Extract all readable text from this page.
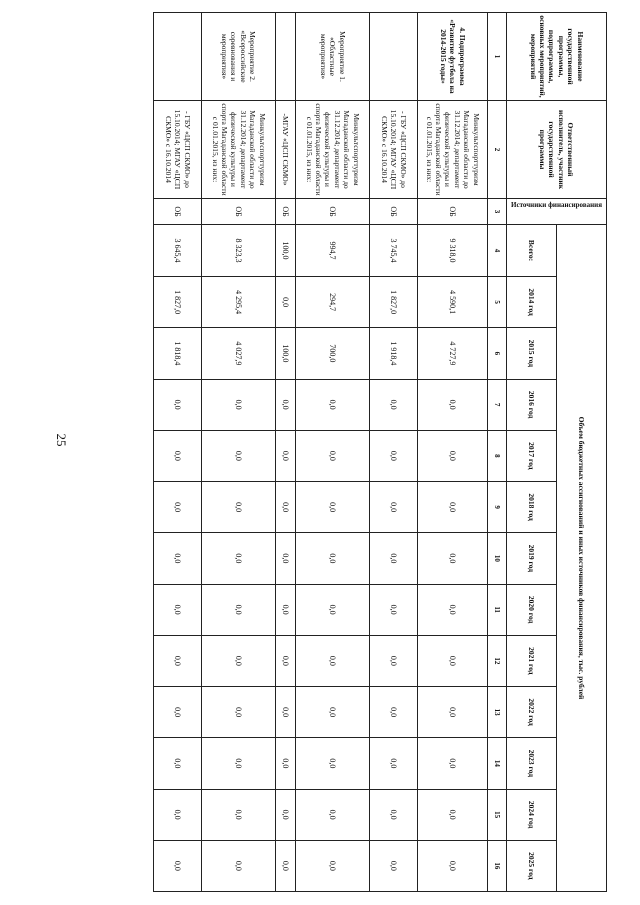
25
Наименование государственной программы, подпрограммы, основных мероприятий, мероприятий	Ответственный исполнитель, участник государственной программы	Источники финансирования	Объем бюджетных ассигнований и иных источников финансирования, тыс. рублей												
			Всего:	2014 год	2015 год	2016 год	2017 год	2018 год	2019 год	2020 год	2021 год	2022 год	2023 год	2024 год	2025 год
1	2	3	4	5	6	7	8	9	10	11	12	13	14	15	16
4. Подпрограмма «Развитие футбола на 2014-2015 годы»	Минкультспорттуризм Магаданской области до 31.12.2014; департамент физической культуры и спорта Магаданской области с 01.01.2015, из них:	ОБ	9 318,0	4 590,1	4 727,9	0,0	0,0	0,0	0,0	0,0	0,0	0,0	0,0	0,0	0,0
	- ГБУ «ЦСП СКМО» до 15.10.2014; МГАУ «ЦСП СКМО» с 16.10.2014	ОБ	3 745,4	1 827,0	1 918,4	0,0	0,0	0,0	0,0	0,0	0,0	0,0	0,0	0,0	0,0
Мероприятие 1. «Областные мероприятия»	Минкультспорттуризм Магаданской области до 31.12.2014; департамент физической культуры и спорта Магаданской области с 01.01.2015, из них:	ОБ	994,7	294,7	700,0	0,0	0,0	0,0	0,0	0,0	0,0	0,0	0,0	0,0	0,0
	-МГАУ «ЦСП СКМО»	ОБ	100,0	0,0	100,0	0,0	0,0	0,0	0,0	0,0	0,0	0,0	0,0	0,0	0,0
Мероприятие 2. «Всероссийские соревнования и мероприятия»	Минкультспорттуризм Магаданской области до 31.12.2014; департамент физической культуры и спорта Магаданской области с 01.01.2015, из них:	ОБ	8 323,3	4 295,4	4 027,9	0,0	0,0	0,0	0,0	0,0	0,0	0,0	0,0	0,0	0,0
	- ГБУ «ЦСП СКМО» до 15.10.2014; МГАУ «ЦСП СКМО» с 16.10.2014	ОБ	3 645,4	1 827,0	1 818,4	0,0	0,0	0,0	0,0	0,0	0,0	0,0	0,0	0,0	0,0
